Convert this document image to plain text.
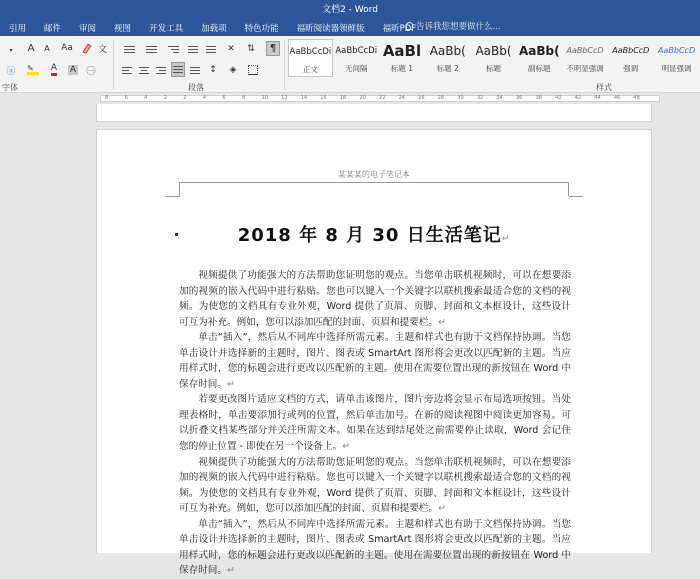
文档2 - Word
引用	邮件	审阅	视图	开发工具	加载项	特色功能	福昕阅读器领鲜版	福昕PDF 告诉我您想要做什么...
▾	A	A	Aa	文
ⓐ ✎	A A ㊀
字体
✕ ⇅ ¶
↕ ◈
段落
AaBbCcDi
正文
AaBbCcDi
无间隔
AaBl
标题 1
AaBb(
标题 2
AaBb(
标题
AaBb(
副标题
AaBbCcD
不明显强调
AaBbCcD
强调
AaBbCcD
明显强调
样式
8	6	4	2	2	4	6	8	10	12	14	16	18	20	22	24	26	28	30	32	34	36	38	40	42	44	46	48
某某某的电子笔记本
2018 年 8 月 30 日生活笔记↵

视频提供了功能强大的方法帮助您证明您的观点。当您单击联机视频时，可以在想要添加的视频的嵌入代码中进行粘贴。您也可以键入一个关键字以联机搜索最适合您的文档的视频。为使您的文档具有专业外观，Word 提供了页眉、页脚、封面和文本框设计，这些设计可互为补充。例如，您可以添加匹配的封面、页眉和提要栏。↵

单击“插入”，然后从不同库中选择所需元素。主题和样式也有助于文档保持协调。当您单击设计并选择新的主题时，图片、图表或 SmartArt 图形将会更改以匹配新的主题。当应用样式时，您的标题会进行更改以匹配新的主题。使用在需要位置出现的新按钮在 Word 中保存时间。↵

若要更改图片适应文档的方式，请单击该图片，图片旁边将会显示布局选项按钮。当处理表格时，单击要添加行或列的位置，然后单击加号。在新的阅读视图中阅读更加容易。可以折叠文档某些部分并关注所需文本。如果在达到结尾处之前需要停止读取，Word 会记住您的停止位置 - 即使在另一个设备上。↵

视频提供了功能强大的方法帮助您证明您的观点。当您单击联机视频时，可以在想要添加的视频的嵌入代码中进行粘贴。您也可以键入一个关键字以联机搜索最适合您的文档的视频。为使您的文档具有专业外观，Word 提供了页眉、页脚、封面和文本框设计，这些设计可互为补充。例如，您可以添加匹配的封面、页眉和提要栏。↵

单击“插入”，然后从不同库中选择所需元素。主题和样式也有助于文档保持协调。当您单击设计并选择新的主题时，图片、图表或 SmartArt 图形将会更改以匹配新的主题。当应用样式时，您的标题会进行更改以匹配新的主题。使用在需要位置出现的新按钮在 Word 中保存时间。↵
